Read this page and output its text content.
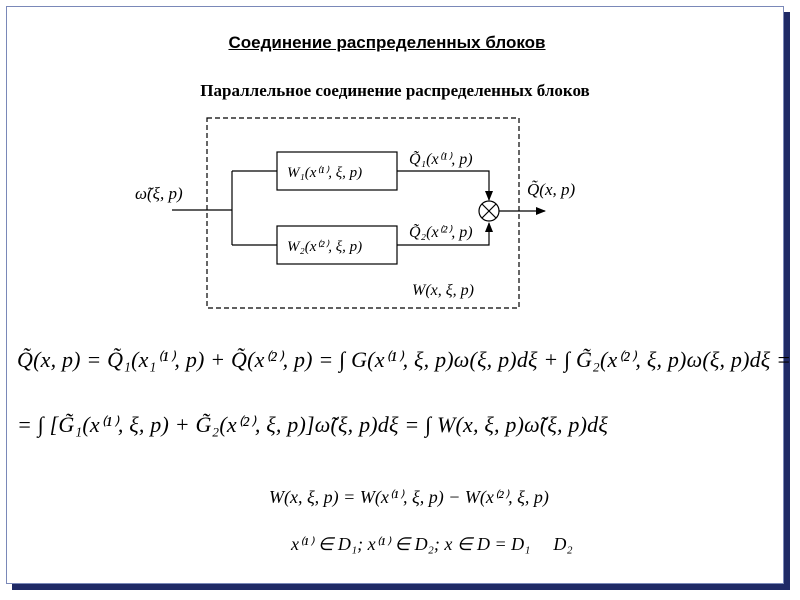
Соединение распределенных блоков
Параллельное соединение распределенных блоков
ω̃(ξ, p)
W₁(x⁽¹⁾, ξ, p)
W₂(x⁽²⁾, ξ, p)
Q̃₁(x⁽¹⁾, p)
Q̃₂(x⁽²⁾, p)
Q̃(x, p)
W(x, ξ, p)
Q̃(x, p) = Q̃₁(x₁⁽¹⁾, p) + Q̃(x⁽²⁾, p) = ∫ G(x⁽¹⁾, ξ, p)ω(ξ, p)dξ + ∫ G̃₂(x⁽²⁾, ξ, p)ω(ξ, p)dξ =
= ∫ [G̃₁(x⁽¹⁾, ξ, p) + G̃₂(x⁽²⁾, ξ, p)]ω̃(ξ, p)dξ = ∫ W(x, ξ, p)ω̃(ξ, p)dξ
W(x, ξ, p) = W(x⁽¹⁾, ξ, p) − W(x⁽²⁾, ξ, p)
x⁽¹⁾ ∈ D₁; x⁽¹⁾ ∈ D₂; x ∈ D = D₁ ⃞ D₂
